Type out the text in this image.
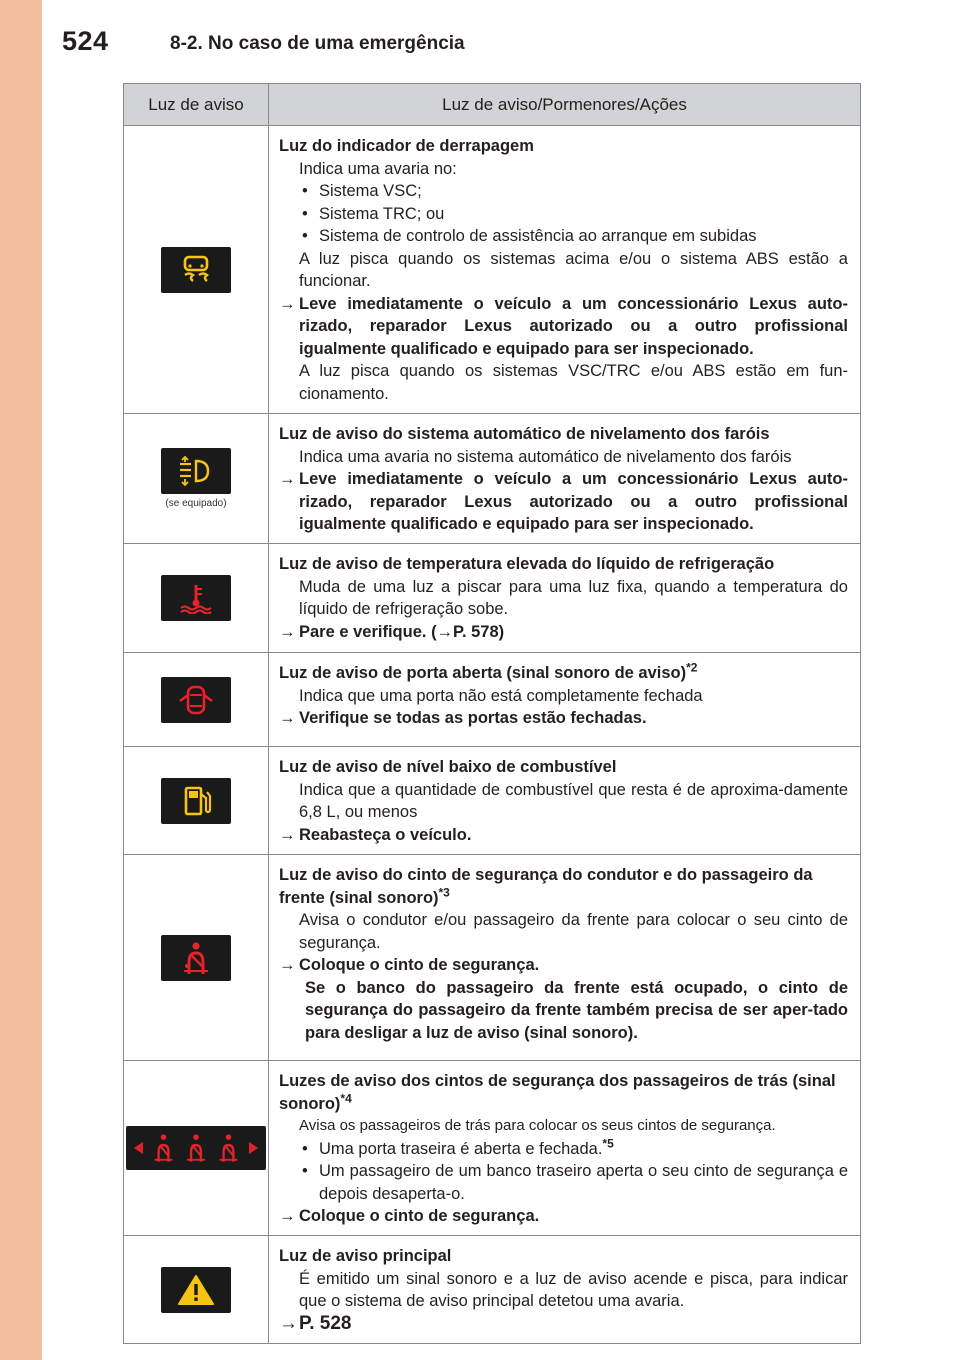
524	8-2. No caso de uma emergência
Luz de aviso	Luz de aviso/Pormenores/Ações
Luz do indicador de derrapagem
Indica uma avaria no:
• Sistema VSC;
• Sistema TRC; ou
• Sistema de controlo de assistência ao arranque em subidas
A luz pisca quando os sistemas acima e/ou o sistema ABS estão a funcionar.
→ Leve imediatamente o veículo a um concessionário Lexus auto-rizado, reparador Lexus autorizado ou a outro profissional igualmente qualificado e equipado para ser inspecionado.
A luz pisca quando os sistemas VSC/TRC e/ou ABS estão em fun-cionamento.
(se equipado)
Luz de aviso do sistema automático de nivelamento dos faróis
Indica uma avaria no sistema automático de nivelamento dos faróis
→ Leve imediatamente o veículo a um concessionário Lexus auto-rizado, reparador Lexus autorizado ou a outro profissional igualmente qualificado e equipado para ser inspecionado.
Luz de aviso de temperatura elevada do líquido de refrigeração
Muda de uma luz a piscar para uma luz fixa, quando a temperatura do líquido de refrigeração sobe.
→ Pare e verifique. (→P. 578)
Luz de aviso de porta aberta (sinal sonoro de aviso)$^{*2}$
Indica que uma porta não está completamente fechada
→ Verifique se todas as portas estão fechadas.
Luz de aviso de nível baixo de combustível
Indica que a quantidade de combustível que resta é de aproxima-damente 6,8 L, ou menos
→ Reabasteça o veículo.
Luz de aviso do cinto de segurança do condutor e do passageiro da frente (sinal sonoro)$^{*3}$
Avisa o condutor e/ou passageiro da frente para colocar o seu cinto de segurança.
→ Coloque o cinto de segurança.
Se o banco do passageiro da frente está ocupado, o cinto de segurança do passageiro da frente também precisa de ser aper-tado para desligar a luz de aviso (sinal sonoro).
Luzes de aviso dos cintos de segurança dos passageiros de trás (sinal sonoro)$^{*4}$
Avisa os passageiros de trás para colocar os seus cintos de segurança.
• Uma porta traseira é aberta e fechada.$^{*5}$
• Um passageiro de um banco traseiro aperta o seu cinto de segurança e depois desaperta-o.
→ Coloque o cinto de segurança.
Luz de aviso principal
É emitido um sinal sonoro e a luz de aviso acende e pisca, para indicar que o sistema de aviso principal detetou uma avaria.
→ P. 528
